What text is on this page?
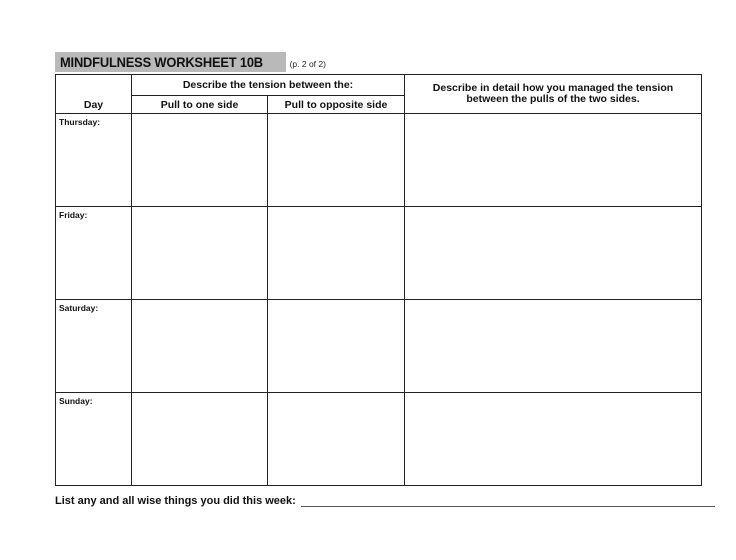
MINDFULNESS WORKSHEET 10B	(p. 2 of 2)
Day	Describe the tension between the:		Describe in detail how you managed the tension
between the pulls of the two sides.
	Pull to one side	Pull to opposite side	

Thursday:			

Friday:			

Saturday:			

Sunday:			

List any and all wise things you did this week:
